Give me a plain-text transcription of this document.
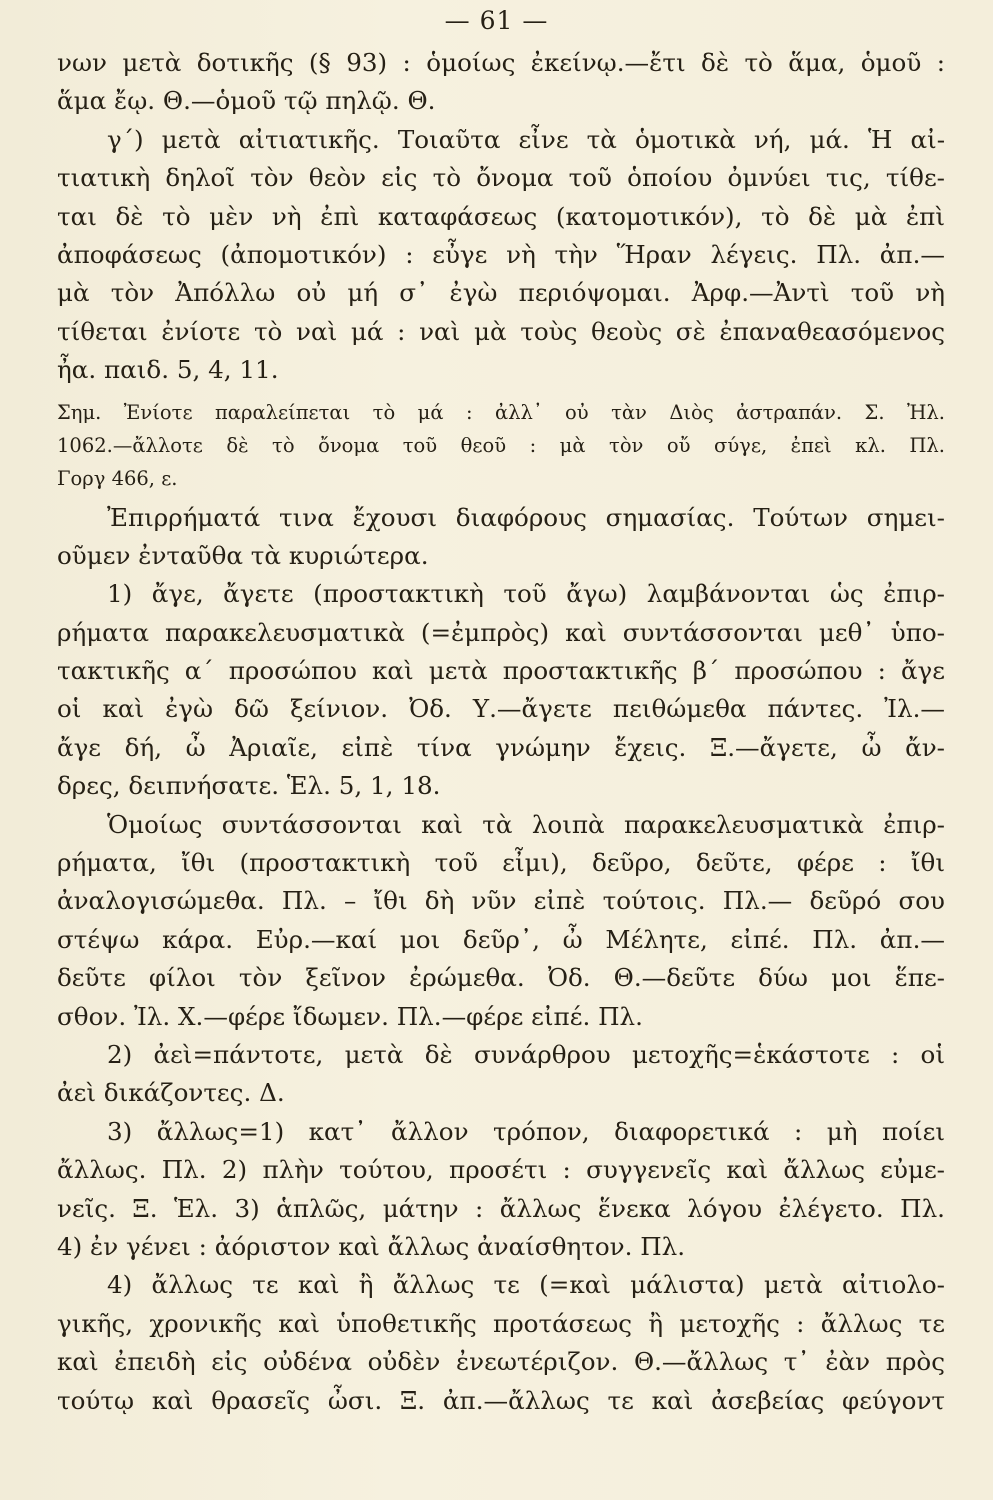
— 61 —
νων μετὰ δοτικῆς (§ 93) : ὁμοίως ἐκείνῳ.—ἔτι δὲ τὸ ἅμα, ὁμοῦ :
ἅμα ἔῳ. Θ.—ὁμοῦ τῷ πηλῷ. Θ.
γ΄) μετὰ αἰτιατικῆς. Τοιαῦτα εἶνε τὰ ὁμοτικὰ νή, μά. Ἡ αἰ-
τιατικὴ δηλοῖ τὸν θεὸν εἰς τὸ ὄνομα τοῦ ὁποίου ὀμνύει τις, τίθε-
ται δὲ τὸ μὲν νὴ ἐπὶ καταφάσεως (κατομοτικόν), τὸ δὲ μὰ ἐπὶ
ἀποφάσεως (ἀπομοτικόν) : εὖγε νὴ τὴν Ἥραν λέγεις. Πλ. ἀπ.—
μὰ τὸν Ἀπόλλω οὐ μή σ᾽ ἐγὼ περιόψομαι. Ἀρφ.—Ἀντὶ τοῦ νὴ
τίθεται ἐνίοτε τὸ ναὶ μά : ναὶ μὰ τοὺς θεοὺς σὲ ἐπαναθεασόμενος
ἦα. παιδ. 5, 4, 11.
Σημ. Ἐνίοτε παραλείπεται τὸ μά : ἀλλ᾽ οὐ τὰν Διὸς ἀστραπάν. Σ. Ἠλ.
1062.—ἄλλοτε δὲ τὸ ὄνομα τοῦ θεοῦ : μὰ τὸν οὔ σύγε, ἐπεὶ κλ. Πλ.
Γοργ 466, ε.
Ἐπιρρήματά τινα ἔχουσι διαφόρους σημασίας. Τούτων σημει-
οῦμεν ἐνταῦθα τὰ κυριώτερα.
1) ἄγε, ἄγετε (προστακτικὴ τοῦ ἄγω) λαμβάνονται ὡς ἐπιρ-
ρήματα παρακελευσματικὰ (=ἐμπρὸς) καὶ συντάσσονται μεθ᾽ ὑπο-
τακτικῆς α΄ προσώπου καὶ μετὰ προστακτικῆς β΄ προσώπου : ἄγε
οἱ καὶ ἐγὼ δῶ ξείνιον. Ὀδ. Υ.—ἄγετε πειθώμεθα πάντες. Ἰλ.—
ἄγε δή, ὦ Ἀριαῖε, εἰπὲ τίνα γνώμην ἔχεις. Ξ.—ἄγετε, ὦ ἄν-
δρες, δειπνήσατε. Ἑλ. 5, 1, 18.
Ὁμοίως συντάσσονται καὶ τὰ λοιπὰ παρακελευσματικὰ ἐπιρ-
ρήματα, ἴθι (προστακτικὴ τοῦ εἶμι), δεῦρο, δεῦτε, φέρε : ἴθι
ἀναλογισώμεθα. Πλ. – ἴθι δὴ νῦν εἰπὲ τούτοις. Πλ.— δεῦρό σου
στέψω κάρα. Εὐρ.—καί μοι δεῦρ᾽, ὦ Μέλητε, εἰπέ. Πλ. ἀπ.—
δεῦτε φίλοι τὸν ξεῖνον ἐρώμεθα. Ὀδ. Θ.—δεῦτε δύω μοι ἕπε-
σθον. Ἰλ. Χ.—φέρε ἴδωμεν. Πλ.—φέρε εἰπέ. Πλ.
2) ἀεὶ=πάντοτε, μετὰ δὲ συνάρθρου μετοχῆς=ἑκάστοτε : οἱ
ἀεὶ δικάζοντες. Δ.
3) ἄλλως=1) κατ᾽ ἄλλον τρόπον, διαφορετικά : μὴ ποίει
ἄλλως. Πλ. 2) πλὴν τούτου, προσέτι : συγγενεῖς καὶ ἄλλως εὐμε-
νεῖς. Ξ. Ἑλ. 3) ἁπλῶς, μάτην : ἄλλως ἕνεκα λόγου ἐλέγετο. Πλ.
4) ἐν γένει : ἀόριστον καὶ ἄλλως ἀναίσθητον. Πλ.
4) ἄλλως τε καὶ ἢ ἄλλως τε (=καὶ μάλιστα) μετὰ αἰτιολο-
γικῆς, χρονικῆς καὶ ὑποθετικῆς προτάσεως ἢ μετοχῆς : ἄλλως τε
καὶ ἐπειδὴ εἰς οὐδένα οὐδὲν ἐνεωτέριζον. Θ.—ἄλλως τ᾽ ἐὰν πρὸς
τούτῳ καὶ θρασεῖς ὦσι. Ξ. ἀπ.—ἄλλως τε καὶ ἀσεβείας φεύγοντ
